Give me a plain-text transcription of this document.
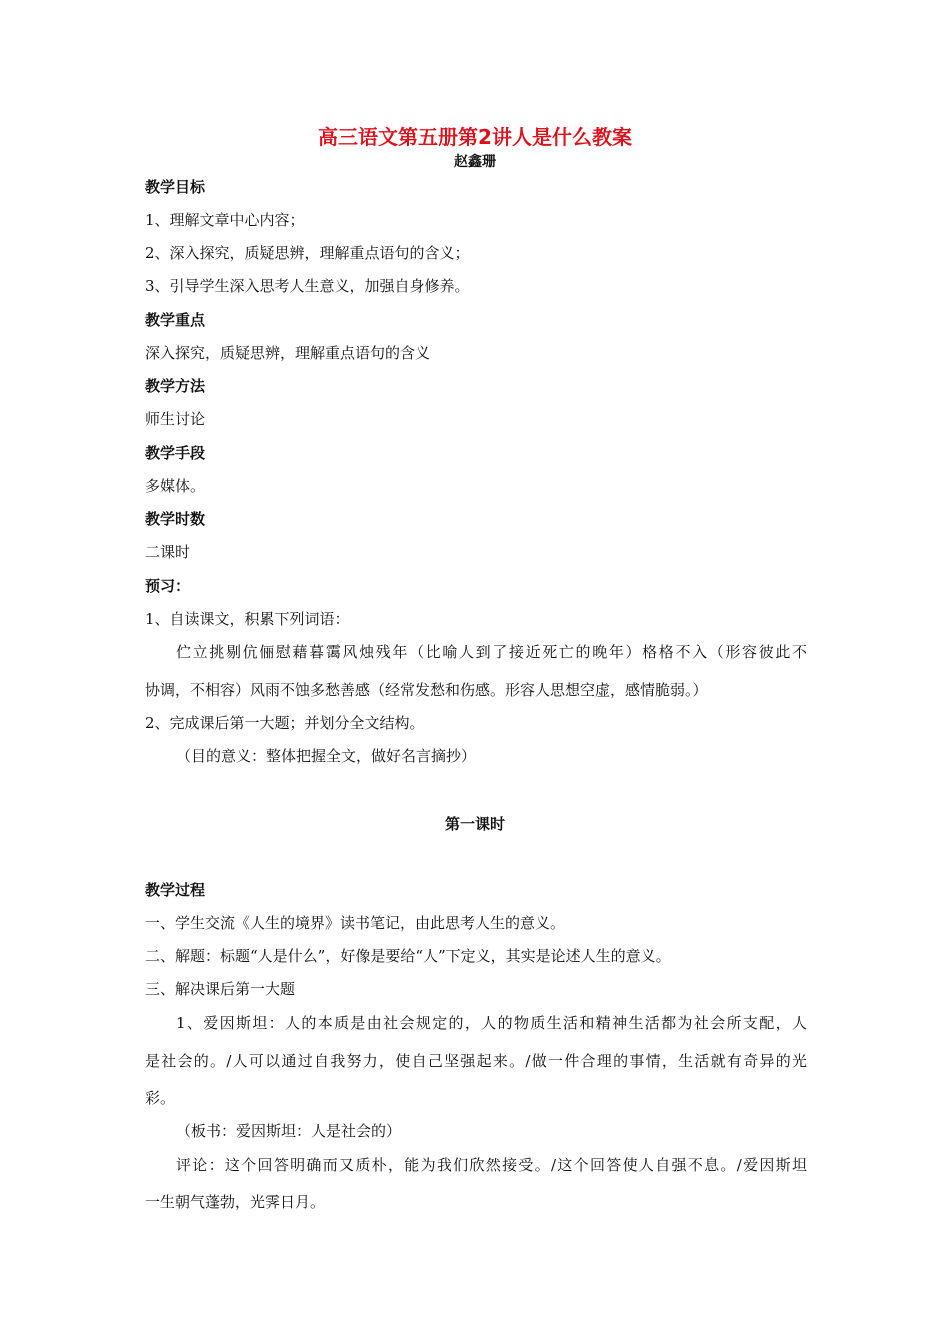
高三语文第五册第2讲人是什么教案
赵鑫珊
教学目标
1、理解文章中心内容；
2、深入探究，质疑思辨，理解重点语句的含义；
3、引导学生深入思考人生意义，加强自身修养。
教学重点
深入探究，质疑思辨，理解重点语句的含义
教学方法
师生讨论
教学手段
多媒体。
教学时数
二课时
预习：
1、自读课文，积累下列词语：
伫立挑剔伉俪慰藉暮霭风烛残年（比喻人到了接近死亡的晚年）格格不入（形容彼此不
协调，不相容）风雨不蚀多愁善感（经常发愁和伤感。形容人思想空虚，感情脆弱。）
2、完成课后第一大题；并划分全文结构。
（目的意义：整体把握全文，做好名言摘抄）
第一课时
教学过程
一、学生交流《人生的境界》读书笔记，由此思考人生的意义。
二、解题：标题“人是什么”，好像是要给“人”下定义，其实是论述人生的意义。
三、解决课后第一大题
1、爱因斯坦：人的本质是由社会规定的，人的物质生活和精神生活都为社会所支配，人
是社会的。/人可以通过自我努力，使自己坚强起来。/做一件合理的事情，生活就有奇异的光
彩。
（板书：爱因斯坦：人是社会的）
评论：这个回答明确而又质朴，能为我们欣然接受。/这个回答使人自强不息。/爱因斯坦
一生朝气蓬勃，光霁日月。
